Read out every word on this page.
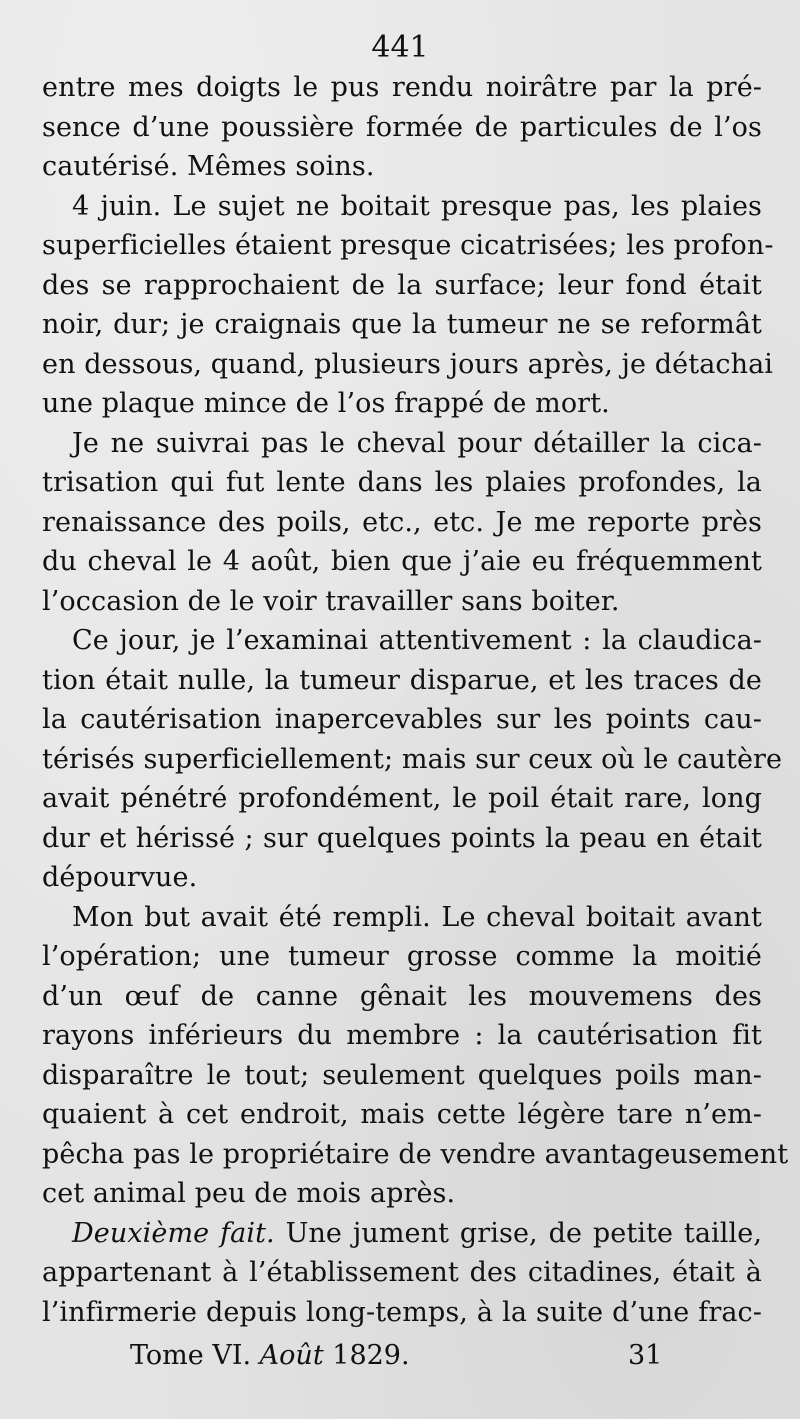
441
entre mes doigts le pus rendu noirâtre par la pré-
sence d’une poussière formée de particules de l’os
cautérisé. Mêmes soins.
4 juin. Le sujet ne boitait presque pas, les plaies
superficielles étaient presque cicatrisées; les profon-
des se rapprochaient de la surface; leur fond était
noir, dur; je craignais que la tumeur ne se reformât
en dessous, quand, plusieurs jours après, je détachai
une plaque mince de l’os frappé de mort.
Je ne suivrai pas le cheval pour détailler la cica-
trisation qui fut lente dans les plaies profondes, la
renaissance des poils, etc., etc. Je me reporte près
du cheval le 4 août, bien que j’aie eu fréquemment
l’occasion de le voir travailler sans boiter.
Ce jour, je l’examinai attentivement : la claudica-
tion était nulle, la tumeur disparue, et les traces de
la cautérisation inapercevables sur les points cau-
térisés superficiellement; mais sur ceux où le cautère
avait pénétré profondément, le poil était rare, long
dur et hérissé ; sur quelques points la peau en était
dépourvue.
Mon but avait été rempli. Le cheval boitait avant
l’opération; une tumeur grosse comme la moitié
d’un œuf de canne gênait les mouvemens des
rayons inférieurs du membre : la cautérisation fit
disparaître le tout; seulement quelques poils man-
quaient à cet endroit, mais cette légère tare n’em-
pêcha pas le propriétaire de vendre avantageusement
cet animal peu de mois après.
Deuxième fait. Une jument grise, de petite taille,
appartenant à l’établissement des citadines, était à
l’infirmerie depuis long-temps, à la suite d’une frac-
Tome VI. Août 1829.	31
